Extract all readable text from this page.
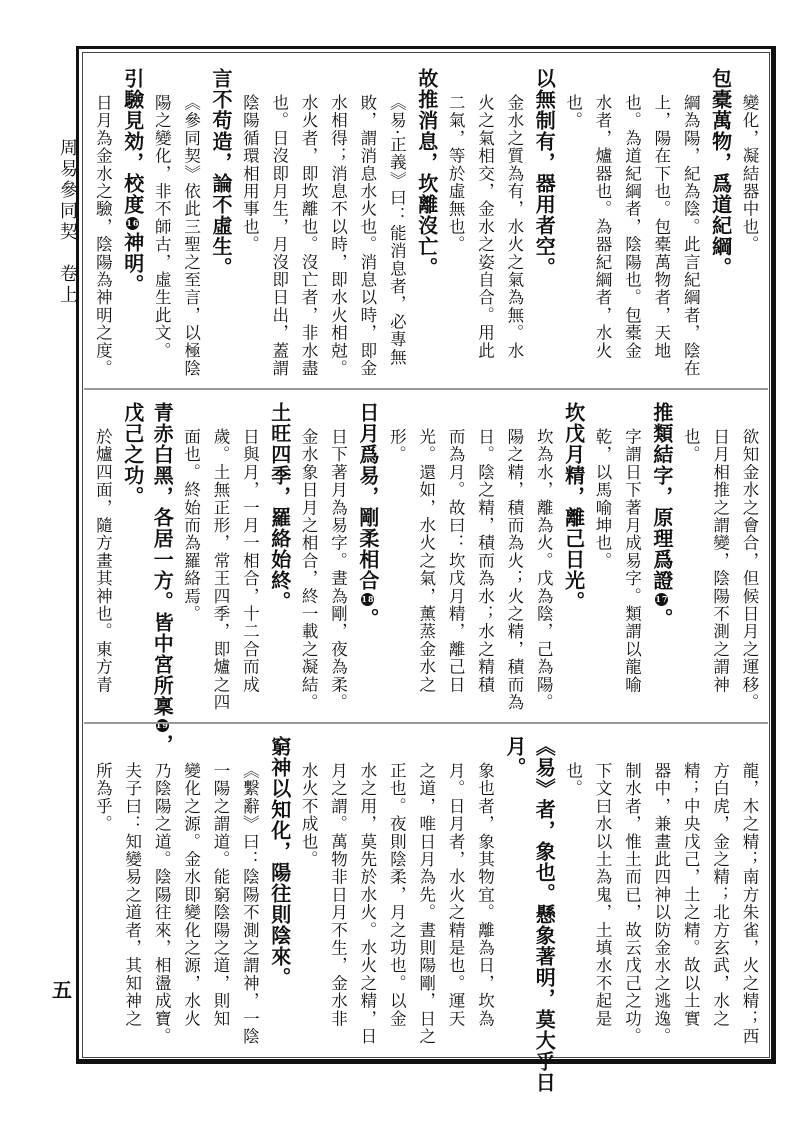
周易參同契　卷上
五
變化，凝結器中也。
包橐萬物，爲道紀綱。
綱為陽，紀為陰。此言紀綱者，陰在
上，陽在下也。包橐萬物者，天地
也。為道紀綱者，陰陽也。包橐金
水者，爐器也。為器紀綱者，水火
也。
以無制有，器用者空。
金水之質為有，水火之氣為無。水
火之氣相交，金水之姿自合。用此
二氣，等於虛無也。
故推消息，坎離沒亡。
《易·正義》曰：能消息者，必專無
敗，謂消息水火也。消息以時，即金
水相得；消息不以時，即水火相尅。
水火者，即坎離也。沒亡者，非水盡
也。日沒即月生，月沒即日出，蓋謂
陰陽循環相用事也。
言不苟造，論不虛生。
《參同契》依此三聖之至言，以極陰
陽之變化，非不師古，虛生此文。
引驗見効，校度16神明。
日月為金水之驗，陰陽為神明之度。
欲知金水之會合，但候日月之運移。
日月相推之謂變，陰陽不測之謂神
也。
推類結字，原理爲證17。
字謂日下著月成易字。類謂以龍喻
乾，以馬喻坤也。
坎戊月精，離己日光。
坎為水，離為火。戊為陰，己為陽。
陽之精，積而為火；火之精，積而為
日。陰之精，積而為水；水之精積
而為月。故曰：坎戊月精，離己日
光。還如，水火之氣，薰蒸金水之
形。
日月爲易，剛柔相合18。
日下著月為易字。晝為剛，夜為柔。
金水象日月之相合，終一載之凝結。
土旺四季，羅絡始終。
日與月，一月一相合，十二合而成
歲。土無正形，常王四季，即爐之四
面也。終始而為羅絡焉。
青赤白黑，各居一方。皆中宮所稟19，
戊己之功。
於爐四面，隨方畫其神也。東方青
龍，木之精；南方朱雀，火之精；西
方白虎，金之精；北方玄武，水之
精；中央戊己，土之精。故以土實
器中，兼畫此四神以防金水之逃逸。
制水者，惟土而已，故云戊己之功。
下文曰水以土為鬼，土填水不起是
也。
《易》者，象也。懸象著明，莫大乎日
月。
象也者，象其物宜。離為日，坎為
月。日月者，水火之精是也。運天
之道，唯日月為先。晝則陽剛，日之
正也。夜則陰柔，月之功也。以金
水之用，莫先於水火。水火之精，日
月之謂。萬物非日月不生，金水非
水火不成也。
窮神以知化，陽往則陰來。
《繫辭》曰：陰陽不測之謂神，一陰
一陽之謂道。能窮陰陽之道，則知
變化之源。金水即變化之源，水火
乃陰陽之道。陰陽往來，相盪成寶。
夫子曰：知變易之道者，其知神之
所為乎。
